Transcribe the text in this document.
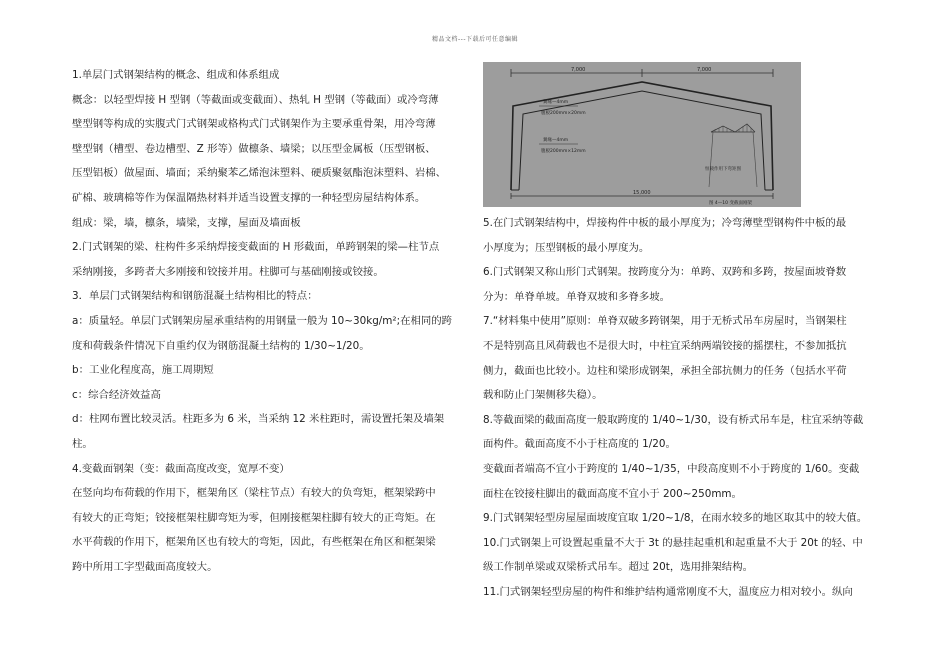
精品文档---下载后可任意编辑

1.单层门式钢架结构的概念、组成和体系组成

概念：以轻型焊接 H 型钢（等截面或变截面）、热轧 H 型钢（等截面）或冷弯薄

壁型钢等构成的实腹式门式钢架或格构式门式钢架作为主要承重骨架，用冷弯薄

壁型钢（槽型、卷边槽型、Z 形等）做檩条、墙梁；以压型金属板（压型钢板、

压型铝板）做屋面、墙面；采纳聚苯乙烯泡沫塑料、硬质聚氨酯泡沫塑料、岩棉、

矿棉、玻璃棉等作为保温隔热材料并适当设置支撑的一种轻型房屋结构体系。

组成：梁，墙，檩条，墙梁，支撑，屋面及墙面板

2.门式钢架的梁、柱构件多采纳焊接变截面的 H 形截面，单跨钢架的梁—柱节点

采纳刚接，多跨者大多刚接和铰接并用。柱脚可与基础刚接或铰接。

3．单层门式钢架结构和钢筋混凝土结构相比的特点：

a：质量轻。单层门式钢架房屋承重结构的用钢量一般为 10~30kg/m²;在相同的跨

度和荷载条件情况下自重约仅为钢筋混凝土结构的 1/30~1/20。

b：工业化程度高，施工周期短

c：综合经济效益高

d：柱网布置比较灵活。柱距多为 6 米，当采纳 12 米柱距时，需设置托架及墙架

柱。

4.变截面钢架（变：截面高度改变，宽厚不变）

在竖向均布荷载的作用下，框架角区（梁柱节点）有较大的负弯矩，框架梁跨中

有较大的正弯矩；铰接框架柱脚弯矩为零，但刚接框架柱脚有较大的正弯矩。在

水平荷载的作用下，框架角区也有较大的弯矩，因此，有些框架在角区和框架梁

跨中所用工字型截面高度较大。

7,000	7,000
翼缘—4mm
腹板200mm×20mm
翼缘—4mm
腹板200mm×12mm
恒载作用下弯矩图
15,000
图 4—10 变截面刚架

5.在门式钢架结构中，焊接构件中板的最小厚度为；冷弯薄壁型钢构件中板的最

小厚度为；压型钢板的最小厚度为。

6.门式钢架又称山形门式钢架。按跨度分为：单跨、双跨和多跨，按屋面坡脊数

分为：单脊单坡。单脊双坡和多脊多坡。

7.“材料集中使用”原则：单脊双破多跨钢架，用于无桥式吊车房屋时，当钢架柱

不是特别高且风荷载也不是很大时，中柱宜采纳两端铰接的摇摆柱，不参加抵抗

侧力，截面也比较小。边柱和梁形成钢架，承担全部抗侧力的任务（包括水平荷

载和防止门架侧移失稳）。

8.等截面梁的截面高度一般取跨度的 1/40~1/30，设有桥式吊车是，柱宜采纳等截

面构件。截面高度不小于柱高度的 1/20。

变截面者端高不宜小于跨度的 1/40~1/35，中段高度则不小于跨度的 1/60。变截

面柱在铰接柱脚出的截面高度不宜小于 200~250mm。

9.门式钢架轻型房屋屋面坡度宜取 1/20~1/8，在雨水较多的地区取其中的较大值。

10.门式钢架上可设置起重量不大于 3t 的悬挂起重机和起重量不大于 20t 的轻、中

级工作制单梁或双梁桥式吊车。超过 20t，选用排架结构。

11.门式钢架轻型房屋的构件和维护结构通常刚度不大，温度应力相对较小。纵向
